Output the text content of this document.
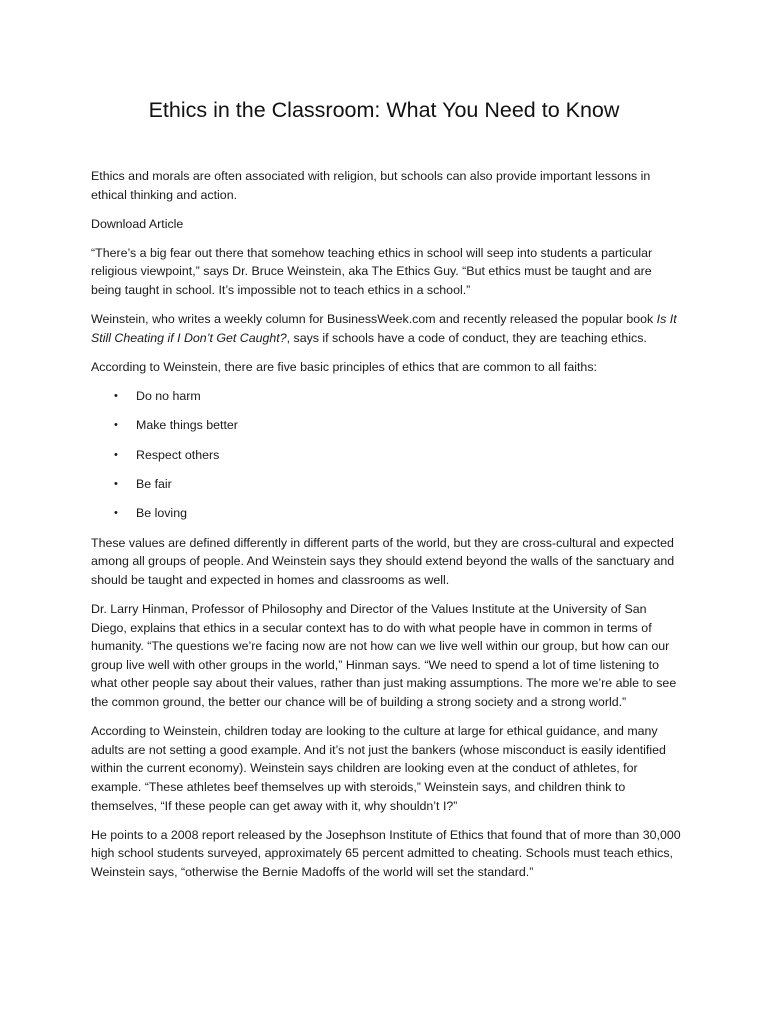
Ethics in the Classroom: What You Need to Know

Ethics and morals are often associated with religion, but schools can also provide important lessons in ethical thinking and action.

Download Article

“There’s a big fear out there that somehow teaching ethics in school will seep into students a particular religious viewpoint,” says Dr. Bruce Weinstein, aka The Ethics Guy. “But ethics must be taught and are being taught in school. It’s impossible not to teach ethics in a school.”

Weinstein, who writes a weekly column for BusinessWeek.com and recently released the popular book Is It Still Cheating if I Don’t Get Caught?, says if schools have a code of conduct, they are teaching ethics.

According to Weinstein, there are five basic principles of ethics that are common to all faiths:

• Do no harm
• Make things better
• Respect others
• Be fair
• Be loving

These values are defined differently in different parts of the world, but they are cross-cultural and expected among all groups of people. And Weinstein says they should extend beyond the walls of the sanctuary and should be taught and expected in homes and classrooms as well.

Dr. Larry Hinman, Professor of Philosophy and Director of the Values Institute at the University of San Diego, explains that ethics in a secular context has to do with what people have in common in terms of humanity. “The questions we’re facing now are not how can we live well within our group, but how can our group live well with other groups in the world,” Hinman says. “We need to spend a lot of time listening to what other people say about their values, rather than just making assumptions. The more we’re able to see the common ground, the better our chance will be of building a strong society and a strong world.”

According to Weinstein, children today are looking to the culture at large for ethical guidance, and many adults are not setting a good example. And it’s not just the bankers (whose misconduct is easily identified within the current economy). Weinstein says children are looking even at the conduct of athletes, for example. “These athletes beef themselves up with steroids,” Weinstein says, and children think to themselves, “If these people can get away with it, why shouldn’t I?”

He points to a 2008 report released by the Josephson Institute of Ethics that found that of more than 30,000 high school students surveyed, approximately 65 percent admitted to cheating. Schools must teach ethics, Weinstein says, “otherwise the Bernie Madoffs of the world will set the standard.”
